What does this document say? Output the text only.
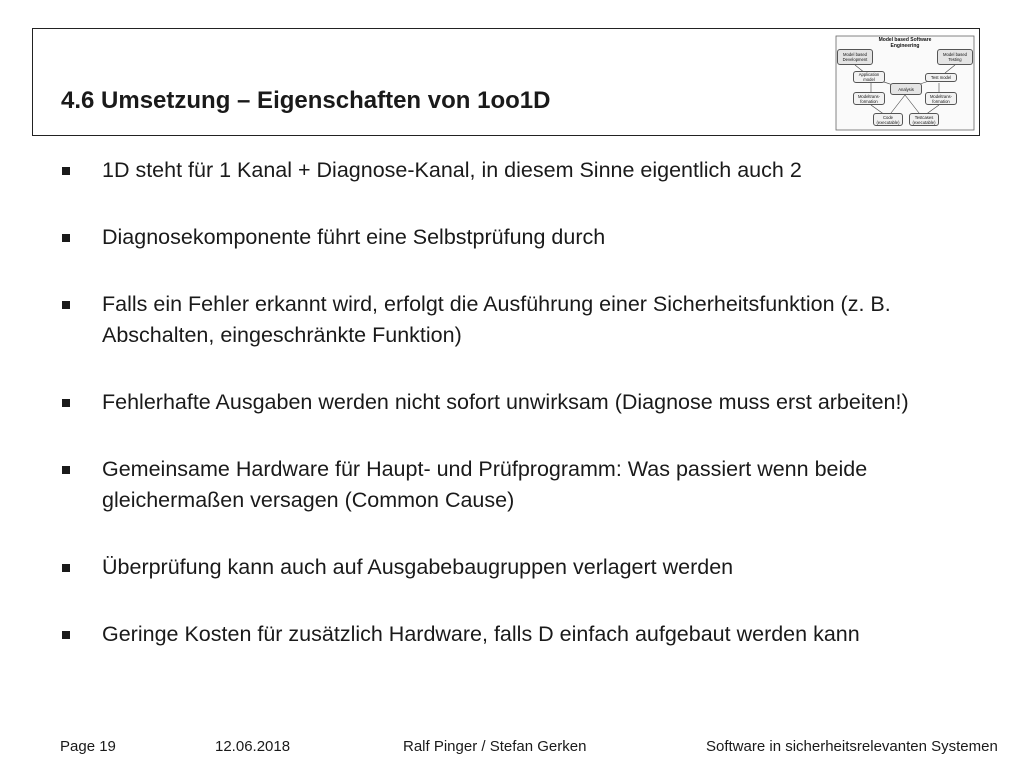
4.6 Umsetzung – Eigenschaften von 1oo1D
Model based Software Engineering
Model based Development
Model based Testing
Application model	Test model
Analysis
Modeltrans-formation
Modeltrans-formation
Code (executable)
Testcases (executable)
1D steht für 1 Kanal + Diagnose-Kanal, in diesem Sinne eigentlich auch 2
Diagnosekomponente führt eine Selbstprüfung durch
Falls ein Fehler erkannt wird, erfolgt die Ausführung einer Sicherheitsfunktion (z. B. Abschalten, eingeschränkte Funktion)
Fehlerhafte Ausgaben werden nicht sofort unwirksam (Diagnose muss erst arbeiten!)
Gemeinsame Hardware für Haupt- und Prüfprogramm: Was passiert wenn beide gleichermaßen versagen (Common Cause)
Überprüfung kann auch auf Ausgabebaugruppen verlagert werden
Geringe Kosten für zusätzlich Hardware, falls D einfach aufgebaut werden kann
Page 19	12.06.2018	Ralf Pinger / Stefan Gerken	Software in sicherheitsrelevanten Systemen
